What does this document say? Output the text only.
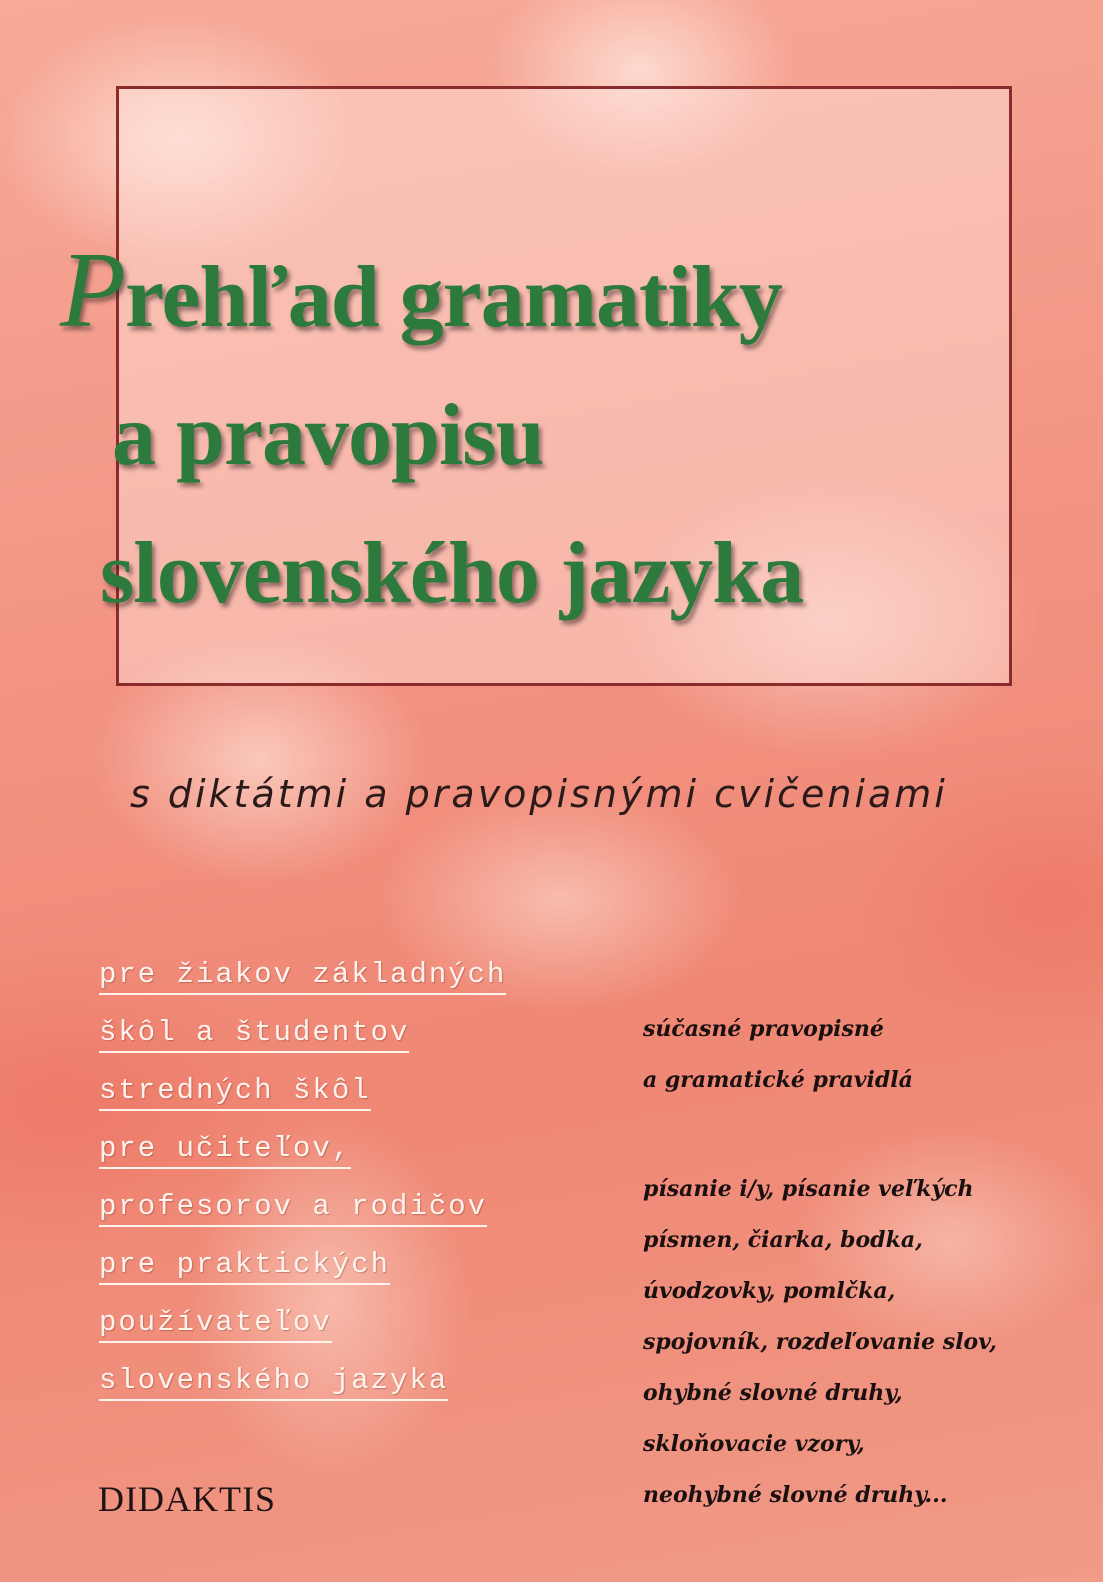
Prehľad gramatiky
a pravopisu
slovenského jazyka
s diktátmi a pravopisnými cvičeniami
pre žiakov základných
škôl a študentov
stredných škôl
pre učiteľov,
profesorov a rodičov
pre praktických
používateľov
slovenského jazyka
súčasné pravopisné
a gramatické pravidlá
písanie i/y, písanie veľkých
písmen, čiarka, bodka,
úvodzovky, pomlčka,
spojovník, rozdeľovanie slov,
ohybné slovné druhy,
skloňovacie vzory,
neohybné slovné druhy...
DIDAKTIS
